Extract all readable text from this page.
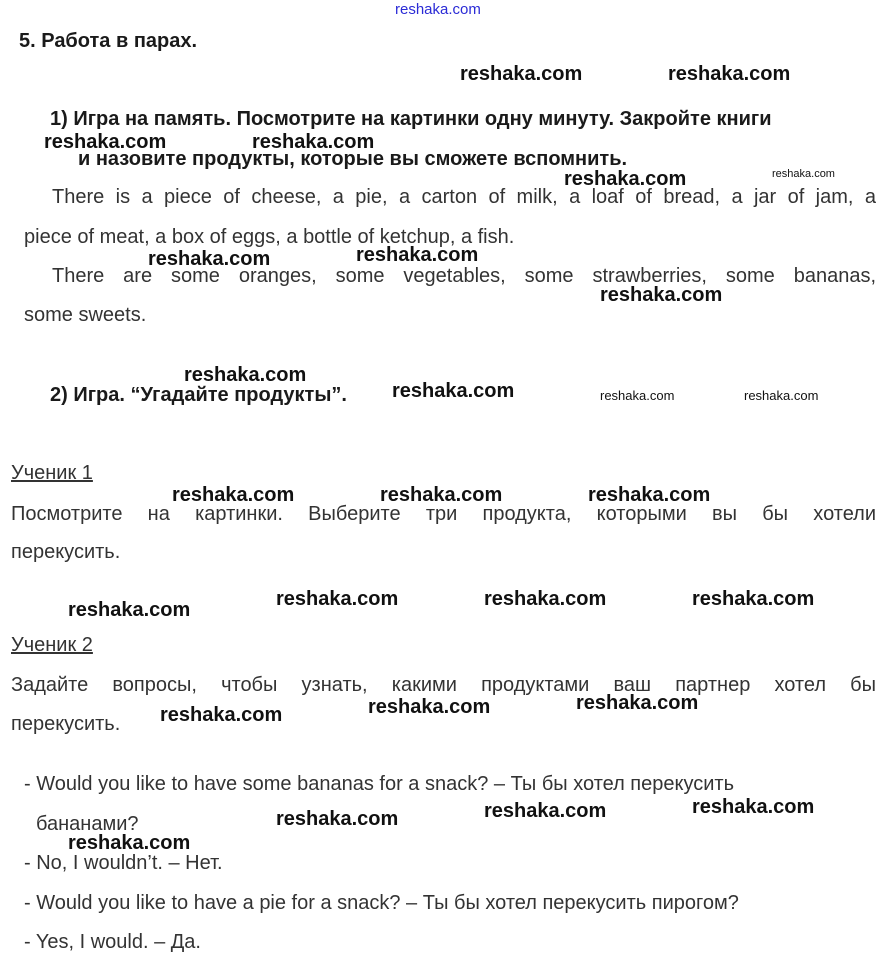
reshaka.com
5. Работа в парах.
1) Игра на память. Посмотрите на картинки одну минуту. Закройте книги
и назовите продукты, которые вы сможете вспомнить.
There is a piece of cheese, a pie, a carton of milk, a loaf of bread, a jar of jam, a
piece of meat, a box of eggs, a bottle of ketchup, a fish.
There are some oranges, some vegetables, some strawberries, some bananas,
some sweets.
2) Игра. “Угадайте продукты”.
Ученик 1
Посмотрите на картинки. Выберите три продукта, которыми вы бы хотели
перекусить.
Ученик 2
Задайте вопросы, чтобы узнать, какими продуктами ваш партнер хотел бы
перекусить.
- Would you like to have some bananas for a snack? – Ты бы хотел перекусить
бананами?
- No, I wouldn’t. – Нет.
- Would you like to have a pie for a snack? – Ты бы хотел перекусить пирогом?
- Yes, I would. – Да.
reshaka.com	reshaka.com
reshaka.com	reshaka.com
reshaka.com
reshaka.com
reshaka.com	reshaka.com
reshaka.com
reshaka.com
reshaka.com	reshaka.com	reshaka.com
reshaka.com	reshaka.com	reshaka.com
reshaka.com	reshaka.com	reshaka.com	reshaka.com
reshaka.com	reshaka.com	reshaka.com
reshaka.com	reshaka.com	reshaka.com
reshaka.com
